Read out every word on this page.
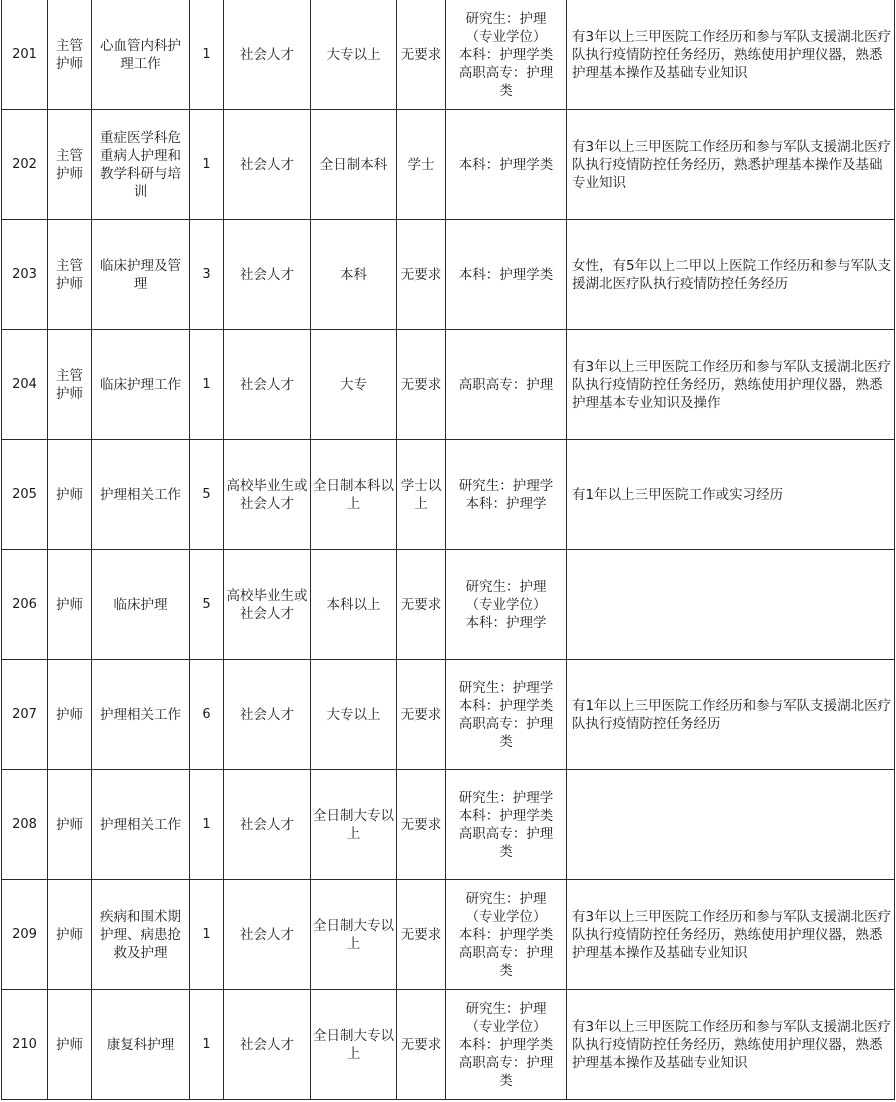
201	主管护师	心血管内科护理工作	1	社会人才	大专以上	无要求	研究生：护理
（专业学位）
本科：护理学类
高职高专：护理
类	有3年以上三甲医院工作经历和参与军队支援湖北医疗队执行疫情防控任务经历，熟练使用护理仪器，熟悉护理基本操作及基础专业知识
202	主管护师	重症医学科危重病人护理和教学科研与培训	1	社会人才	全日制本科	学士	本科：护理学类	有3年以上三甲医院工作经历和参与军队支援湖北医疗队执行疫情防控任务经历，熟悉护理基本操作及基础专业知识
203	主管护师	临床护理及管理	3	社会人才	本科	无要求	本科：护理学类	女性，有5年以上二甲以上医院工作经历和参与军队支援湖北医疗队执行疫情防控任务经历
204	主管护师	临床护理工作	1	社会人才	大专	无要求	高职高专：护理	有3年以上三甲医院工作经历和参与军队支援湖北医疗队执行疫情防控任务经历，熟练使用护理仪器，熟悉护理基本专业知识及操作
205	护师	护理相关工作	5	高校毕业生或社会人才	全日制本科以上	学士以上	研究生：护理学
本科：护理学	有1年以上三甲医院工作或实习经历
206	护师	临床护理	5	高校毕业生或社会人才	本科以上	无要求	研究生：护理
（专业学位）
本科：护理学	

207	护师	护理相关工作	6	社会人才	大专以上	无要求	研究生：护理学
本科：护理学类
高职高专：护理
类	有1年以上三甲医院工作经历和参与军队支援湖北医疗队执行疫情防控任务经历
208	护师	护理相关工作	1	社会人才	全日制大专以上	无要求	研究生：护理学
本科：护理学类
高职高专：护理
类	

209	护师	疾病和围术期护理、病患抢救及护理	1	社会人才	全日制大专以上	无要求	研究生：护理
（专业学位）
本科：护理学类
高职高专：护理
类	有3年以上三甲医院工作经历和参与军队支援湖北医疗队执行疫情防控任务经历，熟练使用护理仪器，熟悉护理基本操作及基础专业知识
210	护师	康复科护理	1	社会人才	全日制大专以上	无要求	研究生：护理
（专业学位）
本科：护理学类
高职高专：护理
类	有3年以上三甲医院工作经历和参与军队支援湖北医疗队执行疫情防控任务经历，熟练使用护理仪器，熟悉护理基本操作及基础专业知识
